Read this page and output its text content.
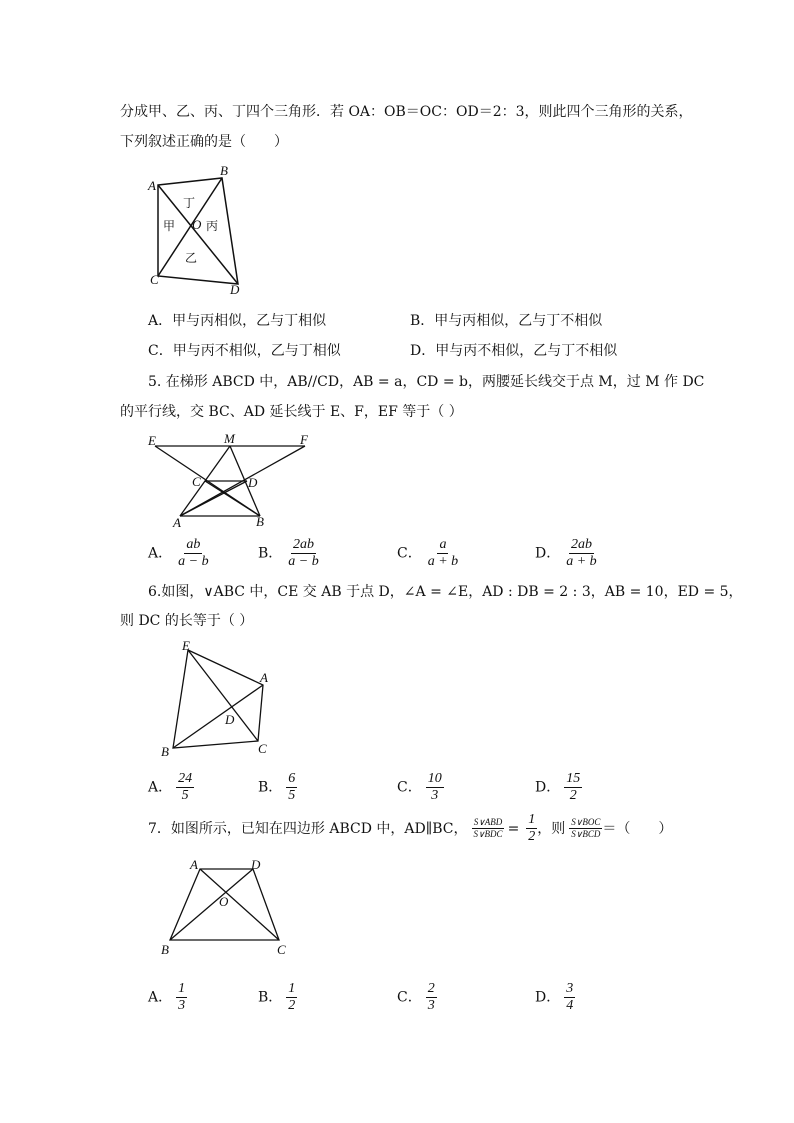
分成甲、乙、丙、丁四个三角形．若 OA：OB＝OC：OD＝2：3，则此四个三角形的关系，
下列叙述正确的是（　　）
A
B
C
D
O
甲
乙
丙
丁
A．甲与丙相似，乙与丁相似	B．甲与丙相似，乙与丁不相似
C．甲与丙不相似，乙与丁相似	D．甲与丙不相似，乙与丁不相似
5. 在梯形 ABCD 中，AB//CD，AB = a，CD = b，两腰延长线交于点 M，过 M 作 DC
的平行线，交 BC、AD 延长线于 E、F，EF 等于（ ）
E	M	F
C	D
A	B
A． $\frac{ab}{a - b}$	B． $\frac{2ab}{a - b}$	C． $\frac{a}{a + b}$	D． $\frac{2ab}{a + b}$
6.如图，∨ABC 中，CE 交 AB 于点 D，∠A = ∠E，AD : DB = 2 : 3，AB = 10，ED = 5，
则 DC 的长等于（ ）
E
A
D
B	C
A． $\frac{24}{5}$	B． $\frac{6}{5}$	C． $\frac{10}{3}$	D． $\frac{15}{2}$
7．如图所示，已知在四边形 ABCD 中，AD∥BC， $\frac{\text{S∨ABD}}{\text{S∨BDC}} = \frac{1}{2}$ ，则 $\frac{\text{S∨BOC}}{\text{S∨BCD}}$ ＝（　　）
A	D
O
B	C
A． $\frac{1}{3}$	B． $\frac{1}{2}$	C． $\frac{2}{3}$	D． $\frac{3}{4}$
